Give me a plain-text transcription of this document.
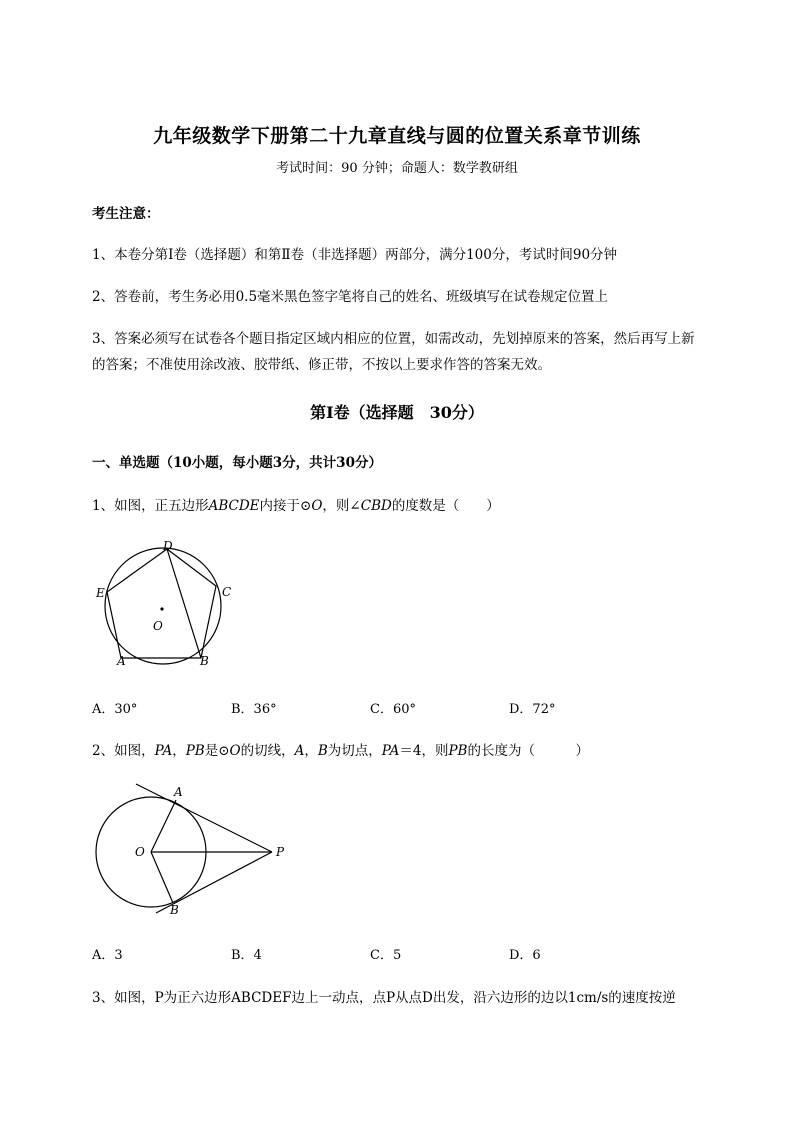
九年级数学下册第二十九章直线与圆的位置关系章节训练
考试时间：90 分钟；命题人：数学教研组
考生注意：
1、本卷分第I卷（选择题）和第Ⅱ卷（非选择题）两部分，满分100分，考试时间90分钟
2、答卷前，考生务必用0.5毫米黑色签字笔将自己的姓名、班级填写在试卷规定位置上
3、答案必须写在试卷各个题目指定区域内相应的位置，如需改动，先划掉原来的答案，然后再写上新
的答案；不准使用涂改液、胶带纸、修正带，不按以上要求作答的答案无效。
第I卷（选择题　30分）
一、单选题（10小题，每小题3分，共计30分）
1、如图，正五边形ABCDE内接于⊙O，则∠CBD的度数是（　　）
D
C
E
O
A	B
A．30°	B．36°	C．60°	D．72°
2、如图，PA，PB是⊙O的切线，A，B为切点，PA＝4，则PB的长度为（　　　）
A
O	P
B
A．3	B．4	C．5	D．6
3、如图，P为正六边形ABCDEF边上一动点，点P从点D出发，沿六边形的边以1cm/s的速度按逆
